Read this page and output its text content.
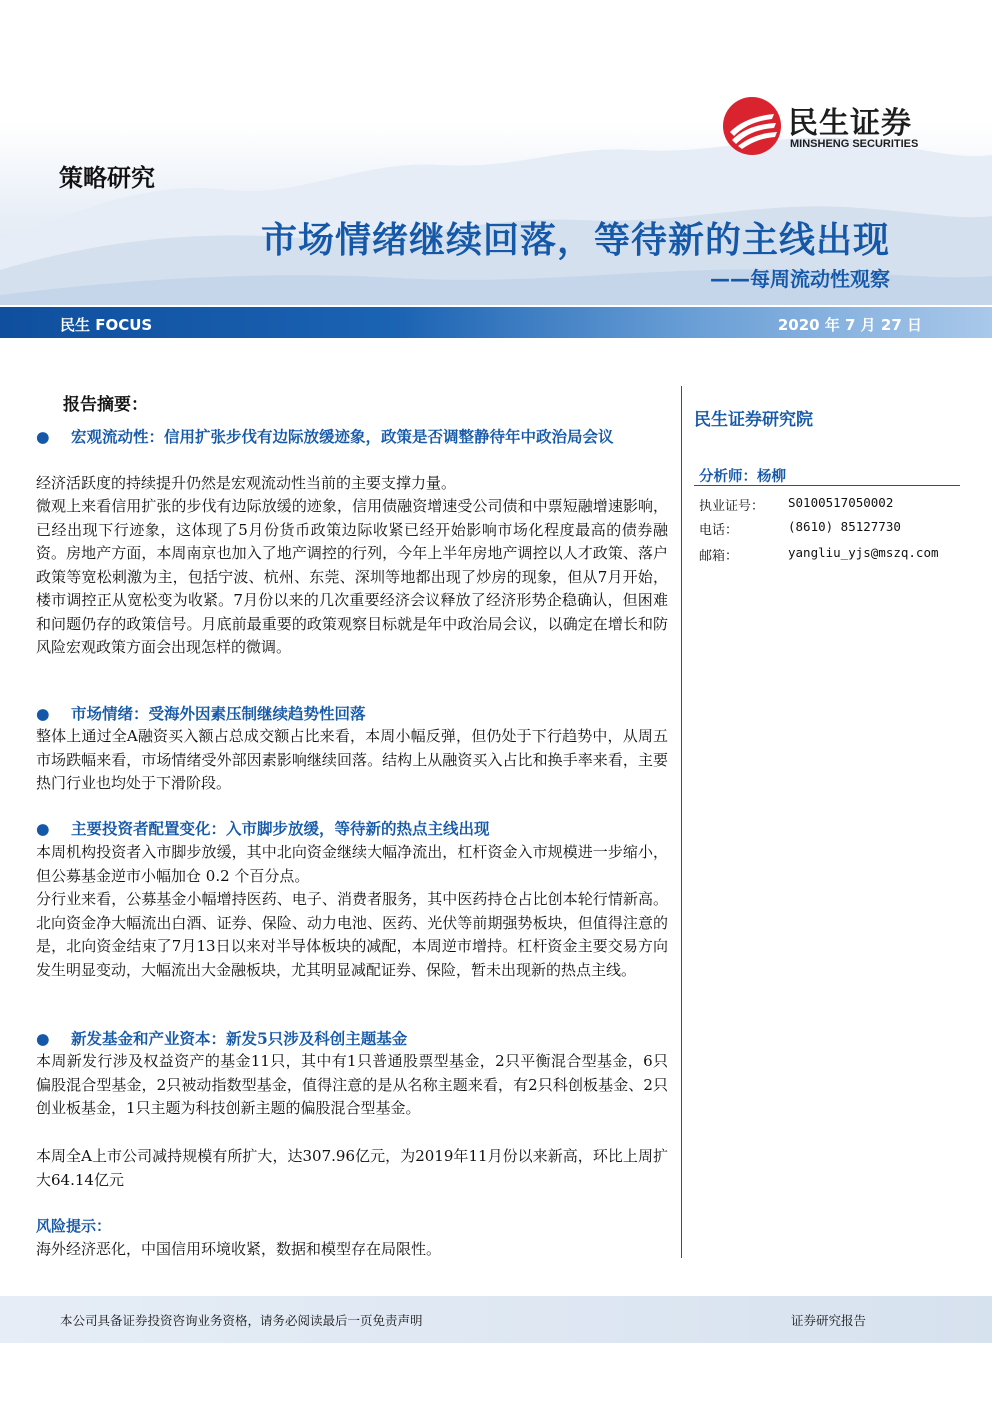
民生证券
MINSHENG SECURITIES
策略研究
市场情绪继续回落，等待新的主线出现
——每周流动性观察
民生 FOCUS	2020 年 7 月 27 日
报告摘要：
●	宏观流动性：信用扩张步伐有边际放缓迹象，政策是否调整静待年中政治局会议
经济活跃度的持续提升仍然是宏观流动性当前的主要支撑力量。
微观上来看信用扩张的步伐有边际放缓的迹象，信用债融资增速受公司债和中票短融增速影响，已经出现下行迹象，这体现了5月份货币政策边际收紧已经开始影响市场化程度最高的债券融资。房地产方面，本周南京也加入了地产调控的行列，今年上半年房地产调控以人才政策、落户政策等宽松刺激为主，包括宁波、杭州、东莞、深圳等地都出现了炒房的现象，但从7月开始，楼市调控正从宽松变为收紧。7月份以来的几次重要经济会议释放了经济形势企稳确认，但困难和问题仍存的政策信号。月底前最重要的政策观察目标就是年中政治局会议，以确定在增长和防风险宏观政策方面会出现怎样的微调。
●	市场情绪：受海外因素压制继续趋势性回落
整体上通过全A融资买入额占总成交额占比来看，本周小幅反弹，但仍处于下行趋势中，从周五市场跌幅来看，市场情绪受外部因素影响继续回落。结构上从融资买入占比和换手率来看，主要热门行业也均处于下滑阶段。
●	主要投资者配置变化：入市脚步放缓，等待新的热点主线出现
本周机构投资者入市脚步放缓，其中北向资金继续大幅净流出，杠杆资金入市规模进一步缩小，但公募基金逆市小幅加仓 0.2 个百分点。
分行业来看，公募基金小幅增持医药、电子、消费者服务，其中医药持仓占比创本轮行情新高。北向资金净大幅流出白酒、证券、保险、动力电池、医药、光伏等前期强势板块，但值得注意的是，北向资金结束了7月13日以来对半导体板块的减配，本周逆市增持。杠杆资金主要交易方向发生明显变动，大幅流出大金融板块，尤其明显减配证券、保险，暂未出现新的热点主线。
●	新发基金和产业资本：新发5只涉及科创主题基金
本周新发行涉及权益资产的基金11只，其中有1只普通股票型基金，2只平衡混合型基金，6只偏股混合型基金，2只被动指数型基金，值得注意的是从名称主题来看，有2只科创板基金、2只创业板基金，1只主题为科技创新主题的偏股混合型基金。
本周全A上市公司减持规模有所扩大，达307.96亿元，为2019年11月份以来新高，环比上周扩大64.14亿元
民生证券研究院
分析师：杨柳
执业证号： S0100517050002
电话：	(8610) 85127730
邮箱：	yangliu_yjs@mszq.com
风险提示：
海外经济恶化，中国信用环境收紧，数据和模型存在局限性。
本公司具备证券投资咨询业务资格，请务必阅读最后一页免责声明	证券研究报告
